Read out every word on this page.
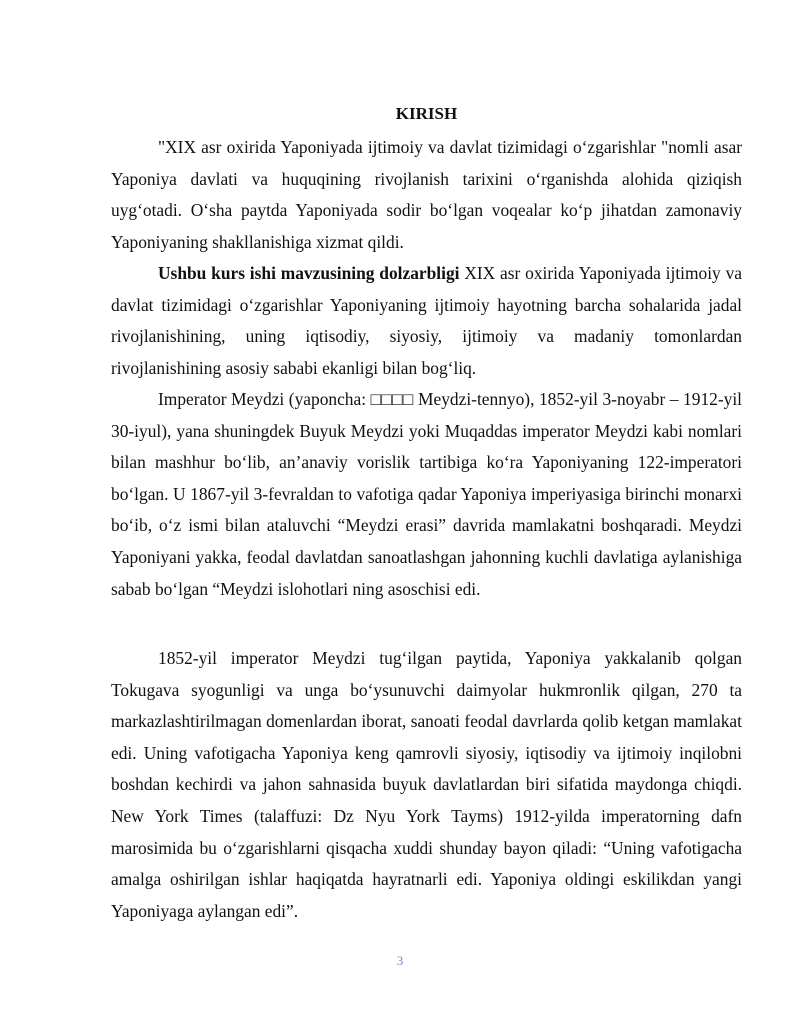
KIRISH

"XIX asr oxirida Yaponiyada ijtimoiy va davlat tizimidagi oʻzgarishlar "nomli asar Yaponiya davlati va huquqining rivojlanish tarixini oʻrganishda alohida qiziqish uygʻotadi. Oʻsha paytda Yaponiyada sodir boʻlgan voqealar koʻp jihatdan zamonaviy Yaponiyaning shakllanishiga xizmat qildi.

Ushbu kurs ishi mavzusining dolzarbligi XIX asr oxirida Yaponiyada ijtimoiy va davlat tizimidagi oʻzgarishlar Yaponiyaning ijtimoiy hayotning barcha sohalarida jadal rivojlanishining, uning iqtisodiy, siyosiy, ijtimoiy va madaniy tomonlardan rivojlanishining asosiy sababi ekanligi bilan bogʻliq.

Imperator Meydzi (yaponcha: □□□□ Meydzi-tennyo), 1852-yil 3-noyabr – 1912-yil 30-iyul), yana shuningdek Buyuk Meydzi yoki Muqaddas imperator Meydzi kabi nomlari bilan mashhur boʻlib, an’anaviy vorislik tartibiga koʻra Yaponiyaning 122-imperatori boʻlgan. U 1867-yil 3-fevraldan to vafotiga qadar Yaponiya imperiyasiga birinchi monarxi boʻib, oʻz ismi bilan ataluvchi “Meydzi erasi” davrida mamlakatni boshqaradi. Meydzi Yaponiyani yakka, feodal davlatdan sanoatlashgan jahonning kuchli davlatiga aylanishiga sabab boʻlgan “Meydzi islohotlari ning asoschisi edi.

1852-yil imperator Meydzi tugʻilgan paytida, Yaponiya yakkalanib qolgan Tokugava syogunligi va unga boʻysunuvchi daimyolar hukmronlik qilgan, 270 ta markazlashtirilmagan domenlardan iborat, sanoati feodal davrlarda qolib ketgan mamlakat edi. Uning vafotigacha Yaponiya keng qamrovli siyosiy, iqtisodiy va ijtimoiy inqilobni boshdan kechirdi va jahon sahnasida buyuk davlatlardan biri sifatida maydonga chiqdi. New York Times (talaffuzi: Dz Nyu York Tayms) 1912-yilda imperatorning dafn marosimida bu oʻzgarishlarni qisqacha xuddi shunday bayon qiladi: “Uning vafotigacha amalga oshirilgan ishlar haqiqatda hayratnarli edi. Yaponiya oldingi eskilikdan yangi Yaponiyaga aylangan edi”.

3
